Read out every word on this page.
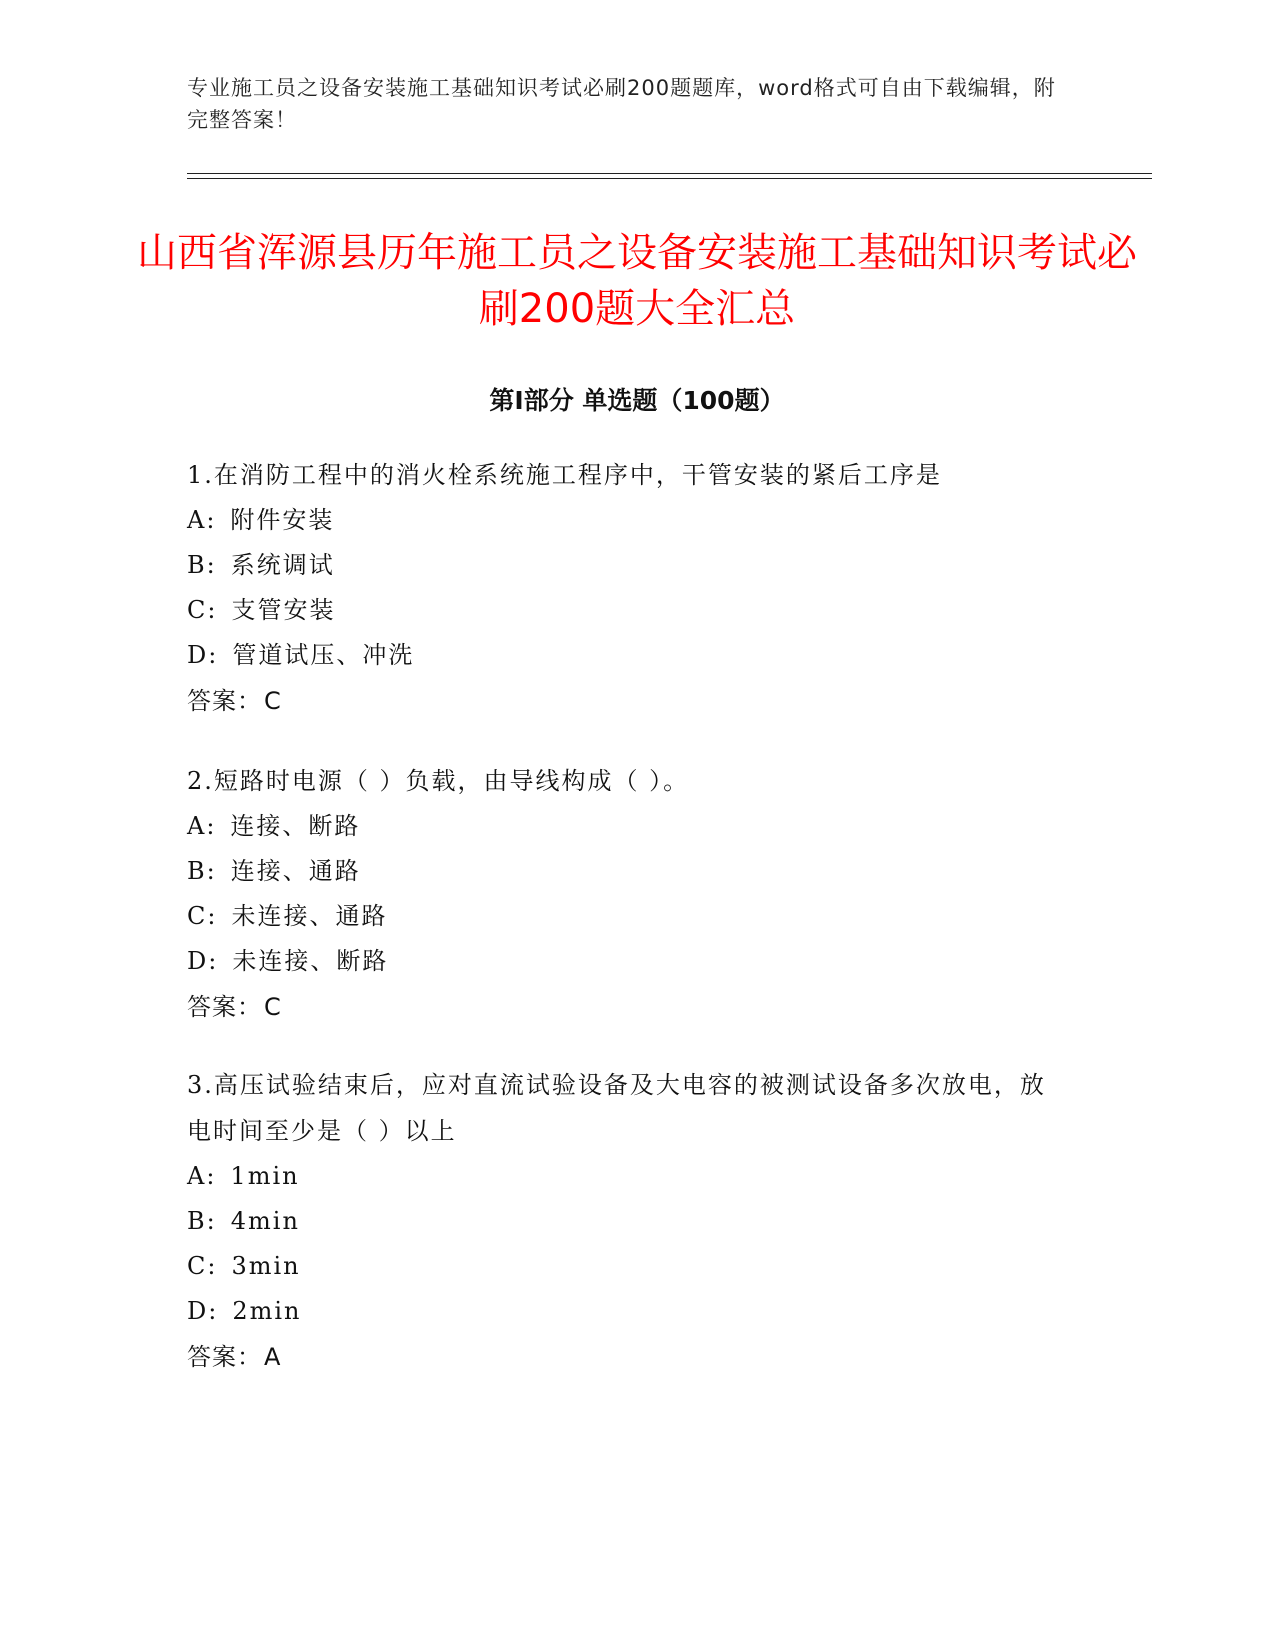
专业施工员之设备安装施工基础知识考试必刷200题题库，word格式可自由下载编辑，附完整答案！

山西省浑源县历年施工员之设备安装施工基础知识考试必刷200题大全汇总
第Ⅰ部分 单选题（100题）

1.在消防工程中的消火栓系统施工程序中，干管安装的紧后工序是

A: 附件安装

B: 系统调试

C: 支管安装

D: 管道试压、冲洗

答案：C

2.短路时电源（ ）负载，由导线构成（ ）。

A: 连接、断路

B: 连接、通路

C: 未连接、通路

D: 未连接、断路

答案：C

3.高压试验结束后，应对直流试验设备及大电容的被测试设备多次放电，放电时间至少是（ ）以上

A: 1min

B: 4min

C: 3min

D: 2min

答案：A
